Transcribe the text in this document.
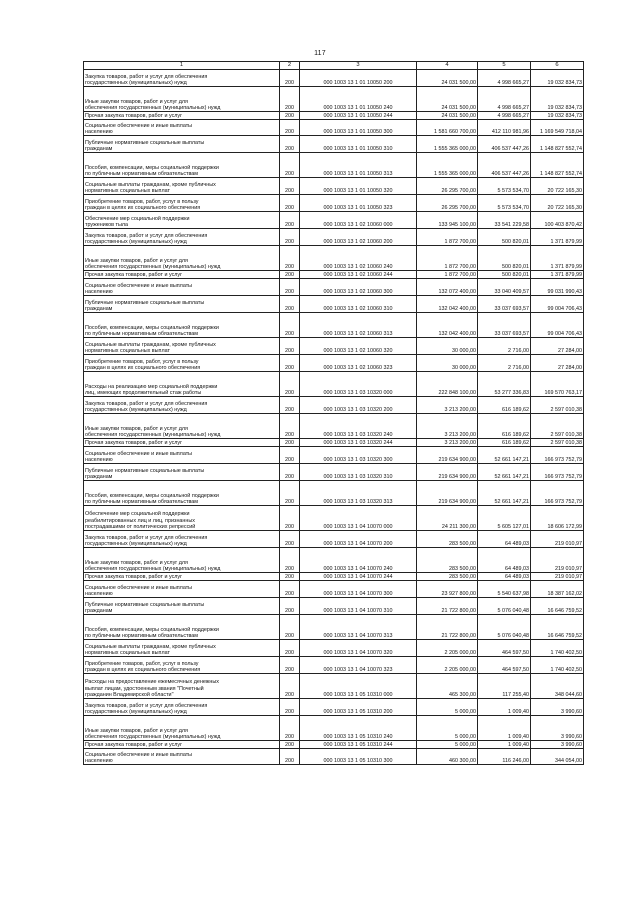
117
1	2	3	4	5	6
Закупка товаров, работ и услуг для обеспечения
государственных (муниципальных) нужд	200	000 1003 13 1 01 10050 200	24 031 500,00	4 998 665,27	19 032 834,73
Иные закупки товаров, работ и услуг для
обеспечения государственных (муниципальных) нужд	200	000 1003 13 1 01 10050 240	24 031 500,00	4 998 665,27	19 032 834,73
Прочая закупка товаров, работ и услуг	200	000 1003 13 1 01 10050 244	24 031 500,00	4 998 665,27	19 032 834,73
Социальное обеспечение и иные выплаты
населению	200	000 1003 13 1 01 10050 300	1 581 660 700,00	412 110 981,96	1 169 549 718,04
Публичные нормативные социальные выплаты
гражданам	200	000 1003 13 1 01 10050 310	1 555 365 000,00	406 537 447,26	1 148 827 552,74
Пособия, компенсации, меры социальной поддержки
по публичным нормативным обязательствам	200	000 1003 13 1 01 10050 313	1 555 365 000,00	406 537 447,26	1 148 827 552,74
Социальные выплаты гражданам, кроме публичных
нормативных социальных выплат	200	000 1003 13 1 01 10050 320	26 295 700,00	5 573 534,70	20 722 165,30
Приобретение товаров, работ, услуг в пользу
граждан в целях их социального обеспечения	200	000 1003 13 1 01 10050 323	26 295 700,00	5 573 534,70	20 722 165,30
Обеспечение мер социальной поддержки
тружеников тыла	200	000 1003 13 1 02 10060 000	133 945 100,00	33 541 229,58	100 403 870,42
Закупка товаров, работ и услуг для обеспечения
государственных (муниципальных) нужд	200	000 1003 13 1 02 10060 200	1 872 700,00	500 820,01	1 371 879,99
Иные закупки товаров, работ и услуг для
обеспечения государственных (муниципальных) нужд	200	000 1003 13 1 02 10060 240	1 872 700,00	500 820,01	1 371 879,99
Прочая закупка товаров, работ и услуг	200	000 1003 13 1 02 10060 244	1 872 700,00	500 820,01	1 371 879,99
Социальное обеспечение и иные выплаты
населению	200	000 1003 13 1 02 10060 300	132 072 400,00	33 040 409,57	99 031 990,43
Публичные нормативные социальные выплаты
гражданам	200	000 1003 13 1 02 10060 310	132 042 400,00	33 037 693,57	99 004 706,43
Пособия, компенсации, меры социальной поддержки
по публичным нормативным обязательствам	200	000 1003 13 1 02 10060 313	132 042 400,00	33 037 693,57	99 004 706,43
Социальные выплаты гражданам, кроме публичных
нормативных социальных выплат	200	000 1003 13 1 02 10060 320	30 000,00	2 716,00	27 284,00
Приобретение товаров, работ, услуг в пользу
граждан в целях их социального обеспечения	200	000 1003 13 1 02 10060 323	30 000,00	2 716,00	27 284,00
Расходы на реализацию мер социальной поддержки
лиц, имеющих продолжительный стаж работы	200	000 1003 13 1 03 10320 000	222 848 100,00	53 277 336,83	169 570 763,17
Закупка товаров, работ и услуг для обеспечения
государственных (муниципальных) нужд	200	000 1003 13 1 03 10320 200	3 213 200,00	616 189,62	2 597 010,38
Иные закупки товаров, работ и услуг для
обеспечения государственных (муниципальных) нужд	200	000 1003 13 1 03 10320 240	3 213 200,00	616 189,62	2 597 010,38
Прочая закупка товаров, работ и услуг	200	000 1003 13 1 03 10320 244	3 213 200,00	616 189,62	2 597 010,38
Социальное обеспечение и иные выплаты
населению	200	000 1003 13 1 03 10320 300	219 634 900,00	52 661 147,21	166 973 752,79
Публичные нормативные социальные выплаты
гражданам	200	000 1003 13 1 03 10320 310	219 634 900,00	52 661 147,21	166 973 752,79
Пособия, компенсации, меры социальной поддержки
по публичным нормативным обязательствам	200	000 1003 13 1 03 10320 313	219 634 900,00	52 661 147,21	166 973 752,79
Обеспечение мер социальной поддержки
реабилитированных лиц и лиц, признанных
пострадавшими от политических репрессий	200	000 1003 13 1 04 10070 000	24 211 300,00	5 605 127,01	18 606 172,99
Закупка товаров, работ и услуг для обеспечения
государственных (муниципальных) нужд	200	000 1003 13 1 04 10070 200	283 500,00	64 489,03	219 010,97
Иные закупки товаров, работ и услуг для
обеспечения государственных (муниципальных) нужд	200	000 1003 13 1 04 10070 240	283 500,00	64 489,03	219 010,97
Прочая закупка товаров, работ и услуг	200	000 1003 13 1 04 10070 244	283 500,00	64 489,03	219 010,97
Социальное обеспечение и иные выплаты
населению	200	000 1003 13 1 04 10070 300	23 927 800,00	5 540 637,98	18 387 162,02
Публичные нормативные социальные выплаты
гражданам	200	000 1003 13 1 04 10070 310	21 722 800,00	5 076 040,48	16 646 759,52
Пособия, компенсации, меры социальной поддержки
по публичным нормативным обязательствам	200	000 1003 13 1 04 10070 313	21 722 800,00	5 076 040,48	16 646 759,52
Социальные выплаты гражданам, кроме публичных
нормативных социальных выплат	200	000 1003 13 1 04 10070 320	2 205 000,00	464 597,50	1 740 402,50
Приобретение товаров, работ, услуг в пользу
граждан в целях их социального обеспечения	200	000 1003 13 1 04 10070 323	2 205 000,00	464 597,50	1 740 402,50
Расходы на предоставление ежемесячных денежных
выплат лицам, удостоенным звания "Почетный
гражданин Владимирской области"	200	000 1003 13 1 05 10310 000	465 300,00	117 255,40	348 044,60
Закупка товаров, работ и услуг для обеспечения
государственных (муниципальных) нужд	200	000 1003 13 1 05 10310 200	5 000,00	1 009,40	3 990,60
Иные закупки товаров, работ и услуг для
обеспечения государственных (муниципальных) нужд	200	000 1003 13 1 05 10310 240	5 000,00	1 009,40	3 990,60
Прочая закупка товаров, работ и услуг	200	000 1003 13 1 05 10310 244	5 000,00	1 009,40	3 990,60
Социальное обеспечение и иные выплаты
населению	200	000 1003 13 1 05 10310 300	460 300,00	116 246,00	344 054,00
